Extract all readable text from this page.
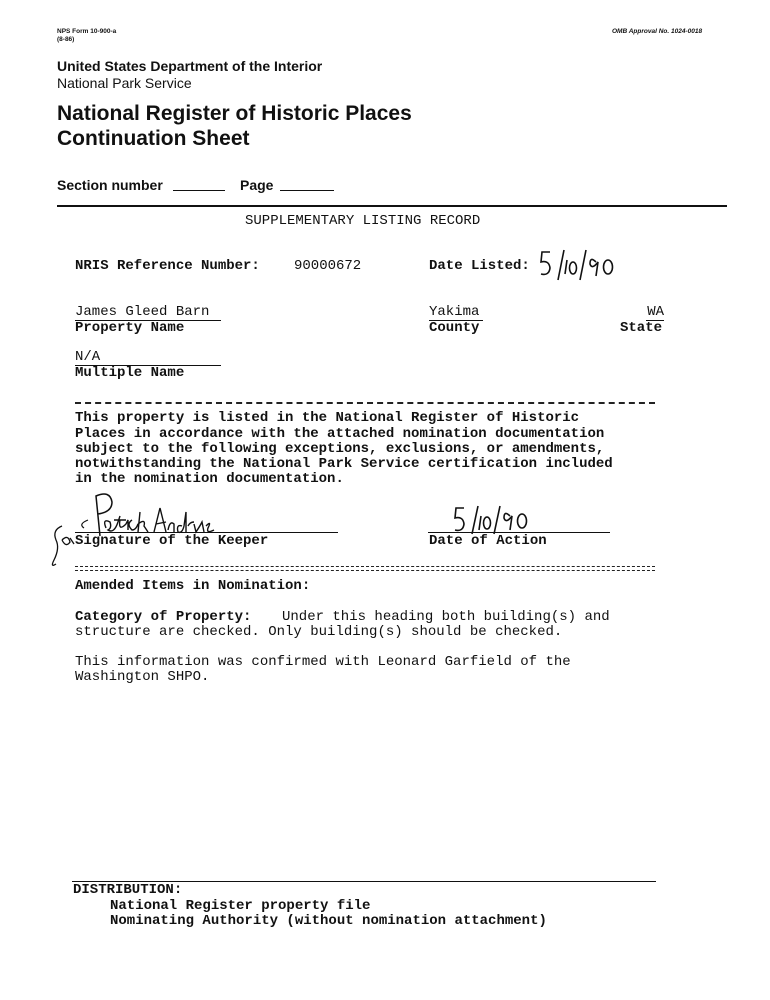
NPS Form 10-900-a
(8-86)
OMB Approval No. 1024-0018
United States Department of the Interior
National Park Service
National Register of Historic Places
Continuation Sheet
Section number	Page
SUPPLEMENTARY LISTING RECORD
NRIS Reference Number: 90000672	Date Listed:
James Gleed Barn
Property Name
Yakima
County
WA
State
N/A
Multiple Name
This property is listed in the National Register of Historic
Places in accordance with the attached nomination documentation
subject to the following exceptions, exclusions, or amendments,
notwithstanding the National Park Service certification included
in the nomination documentation.
Signature of the Keeper	Date of Action
Amended Items in Nomination:
Category of Property: Under this heading both building(s) and
structure are checked. Only building(s) should be checked.
This information was confirmed with Leonard Garfield of the
Washington SHPO.
DISTRIBUTION:
National Register property file
Nominating Authority (without nomination attachment)
